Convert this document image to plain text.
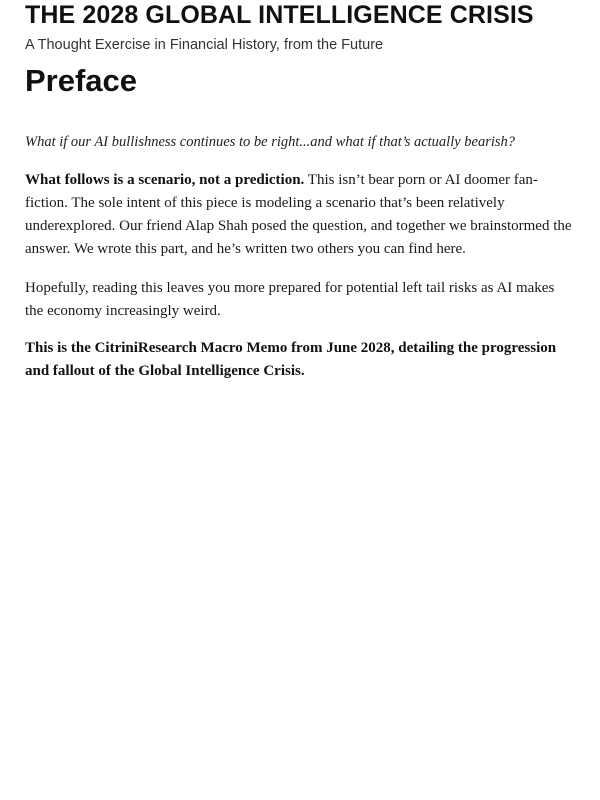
THE 2028 GLOBAL INTELLIGENCE CRISIS
A Thought Exercise in Financial History, from the Future
Preface

What if our AI bullishness continues to be right...and what if that’s actually bearish?

What follows is a scenario, not a prediction. This isn’t bear porn or AI doomer fan-fiction. The sole intent of this piece is modeling a scenario that’s been relatively underexplored. Our friend Alap Shah posed the question, and together we brainstormed the answer. We wrote this part, and he’s written two others you can find here.

Hopefully, reading this leaves you more prepared for potential left tail risks as AI makes the economy increasingly weird.

This is the CitriniResearch Macro Memo from June 2028, detailing the progression and fallout of the Global Intelligence Crisis.
